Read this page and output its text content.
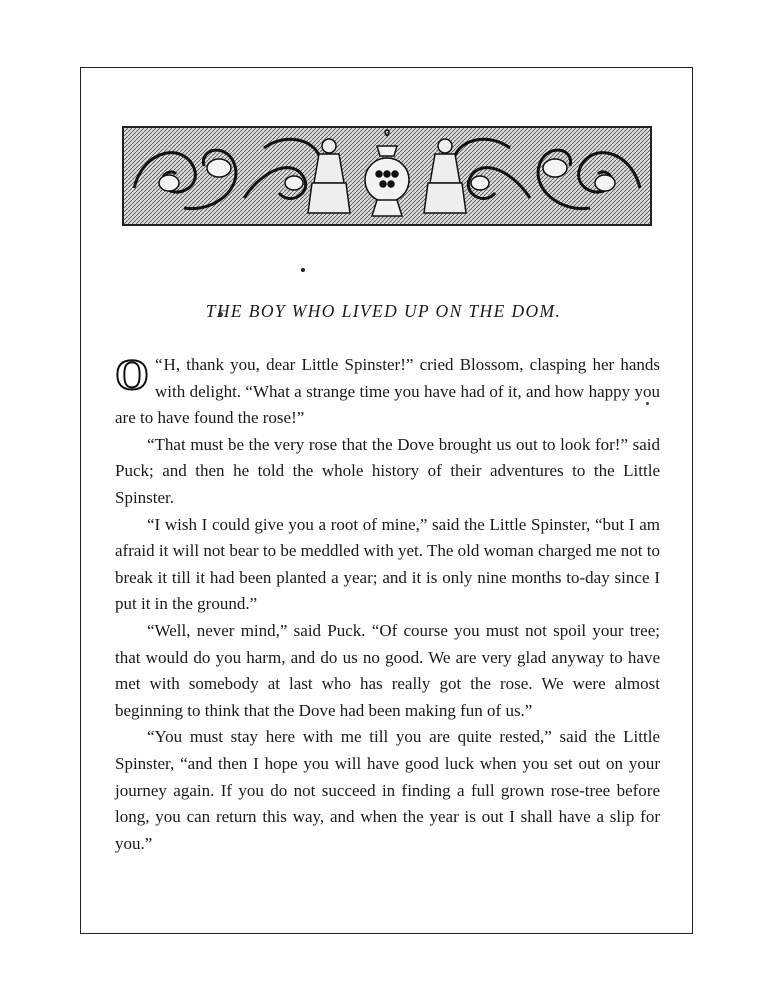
THE BOY WHO LIVED UP ON THE DOM.

“
O H, thank you, dear Little Spinster!” cried Blossom, clasping her hands with delight. “What a strange time you have had of it, and how happy you are to have found the rose!”

“That must be the very rose that the Dove brought us out to look for!” said Puck; and then he told the whole history of their adventures to the Little Spinster.

“I wish I could give you a root of mine,” said the Little Spinster, “but I am afraid it will not bear to be meddled with yet. The old woman charged me not to break it till it had been planted a year; and it is only nine months to-day since I put it in the ground.”

“Well, never mind,” said Puck. “Of course you must not spoil your tree; that would do you harm, and do us no good. We are very glad anyway to have met with somebody at last who has really got the rose. We were almost beginning to think that the Dove had been making fun of us.”

“You must stay here with me till you are quite rested,” said the Little Spinster, “and then I hope you will have good luck when you set out on your journey again. If you do not succeed in finding a full grown rose-tree before long, you can return this way, and when the year is out I shall have a slip for you.”
